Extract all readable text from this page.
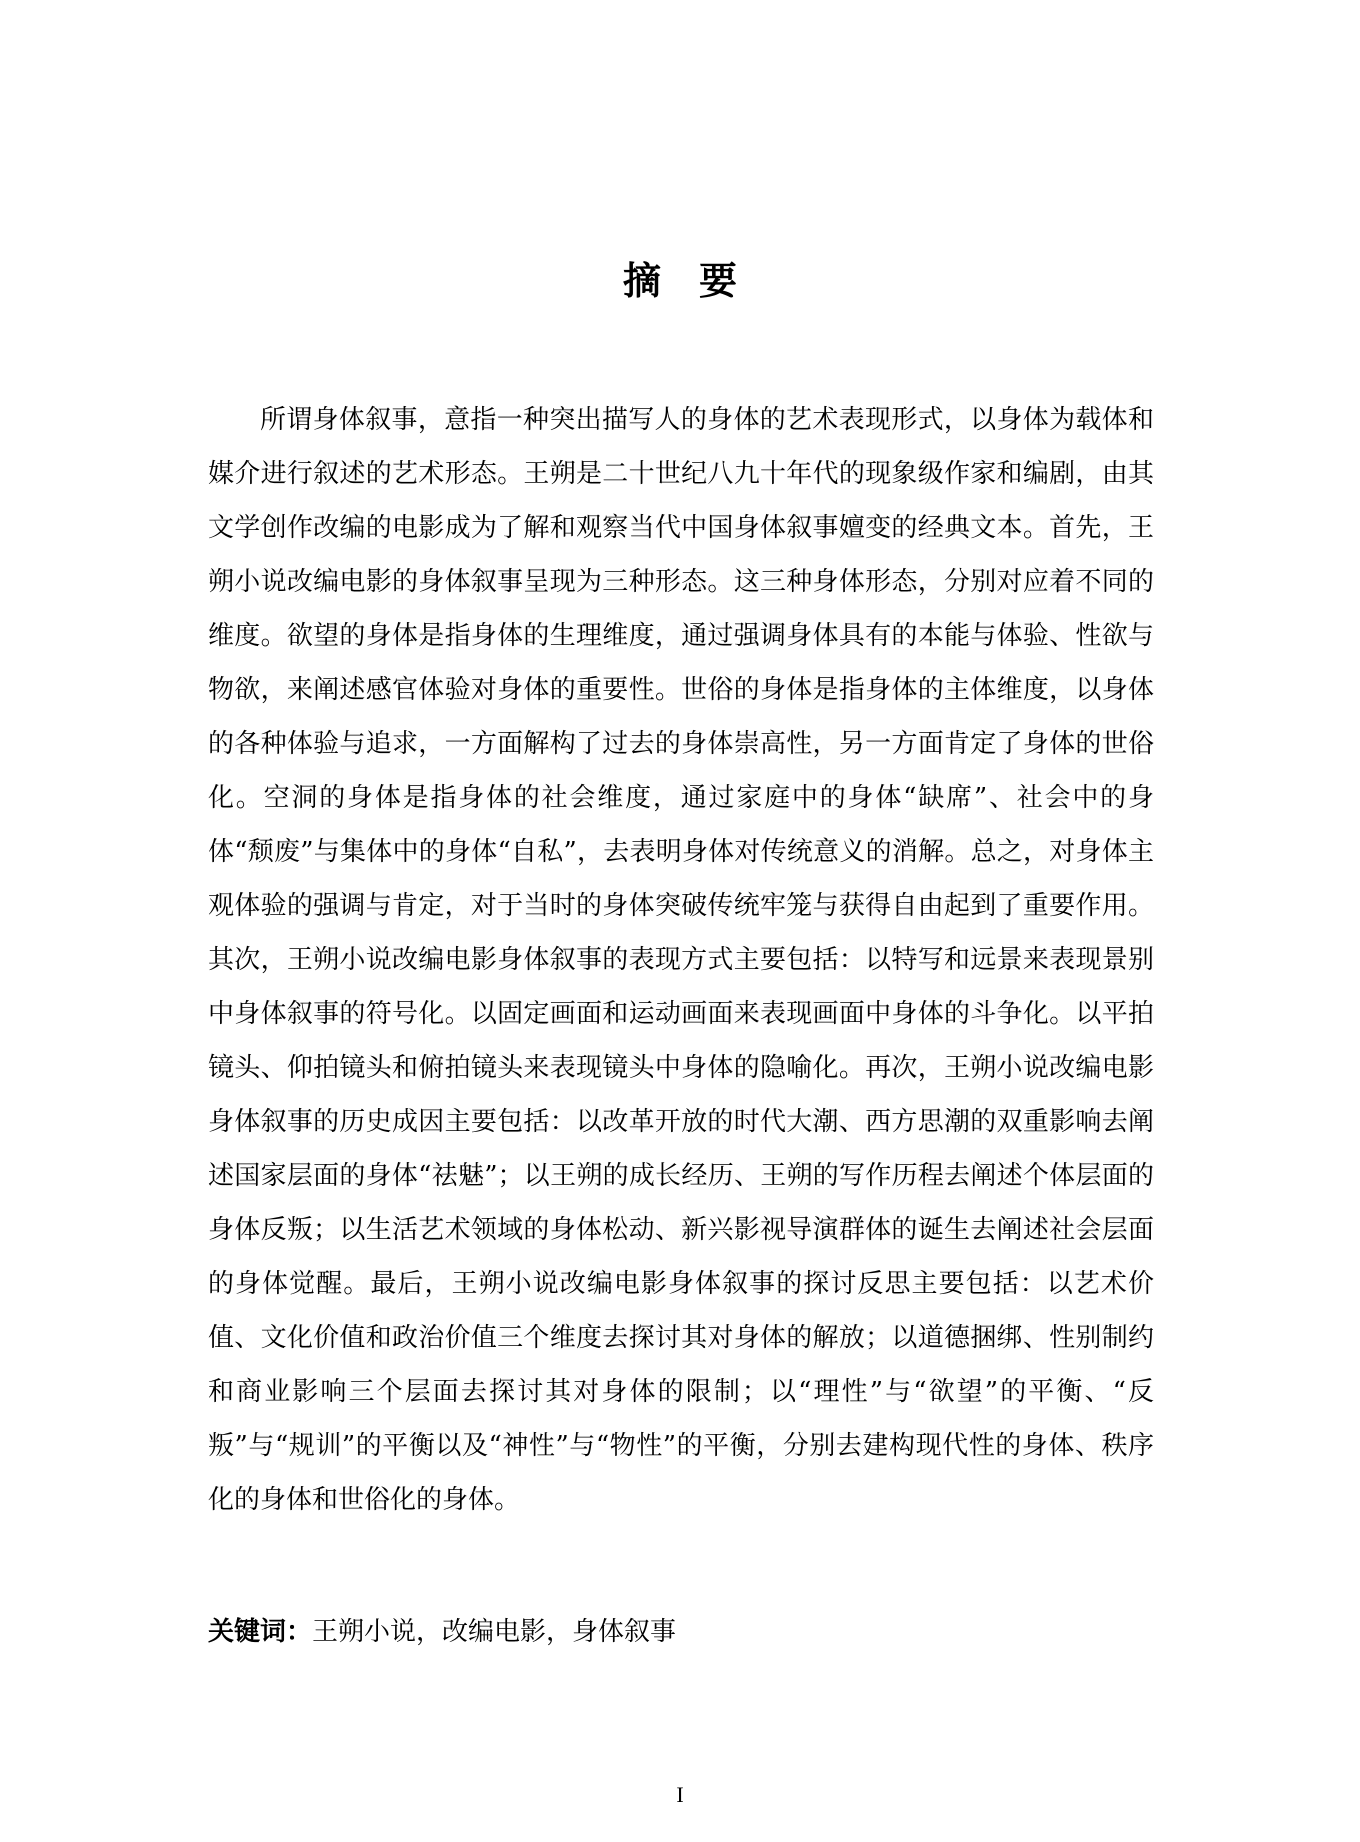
摘 要

所谓身体叙事，意指一种突出描写人的身体的艺术表现形式，以身体为载体和媒介进行叙述的艺术形态。王朔是二十世纪八九十年代的现象级作家和编剧，由其文学创作改编的电影成为了解和观察当代中国身体叙事嬗变的经典文本。首先，王朔小说改编电影的身体叙事呈现为三种形态。这三种身体形态，分别对应着不同的维度。欲望的身体是指身体的生理维度，通过强调身体具有的本能与体验、性欲与物欲，来阐述感官体验对身体的重要性。世俗的身体是指身体的主体维度，以身体的各种体验与追求，一方面解构了过去的身体崇高性，另一方面肯定了身体的世俗化。空洞的身体是指身体的社会维度，通过家庭中的身体“缺席”、社会中的身体“颓废”与集体中的身体“自私”，去表明身体对传统意义的消解。总之，对身体主观体验的强调与肯定，对于当时的身体突破传统牢笼与获得自由起到了重要作用。其次，王朔小说改编电影身体叙事的表现方式主要包括：以特写和远景来表现景别中身体叙事的符号化。以固定画面和运动画面来表现画面中身体的斗争化。以平拍镜头、仰拍镜头和俯拍镜头来表现镜头中身体的隐喻化。再次，王朔小说改编电影身体叙事的历史成因主要包括：以改革开放的时代大潮、西方思潮的双重影响去阐述国家层面的身体“祛魅”；以王朔的成长经历、王朔的写作历程去阐述个体层面的身体反叛；以生活艺术领域的身体松动、新兴影视导演群体的诞生去阐述社会层面的身体觉醒。最后，王朔小说改编电影身体叙事的探讨反思主要包括：以艺术价值、文化价值和政治价值三个维度去探讨其对身体的解放；以道德捆绑、性别制约和商业影响三个层面去探讨其对身体的限制；以“理性”与“欲望”的平衡、“反叛”与“规训”的平衡以及“神性”与“物性”的平衡，分别去建构现代性的身体、秩序化的身体和世俗化的身体。

关键词：王朔小说，改编电影，身体叙事

I
